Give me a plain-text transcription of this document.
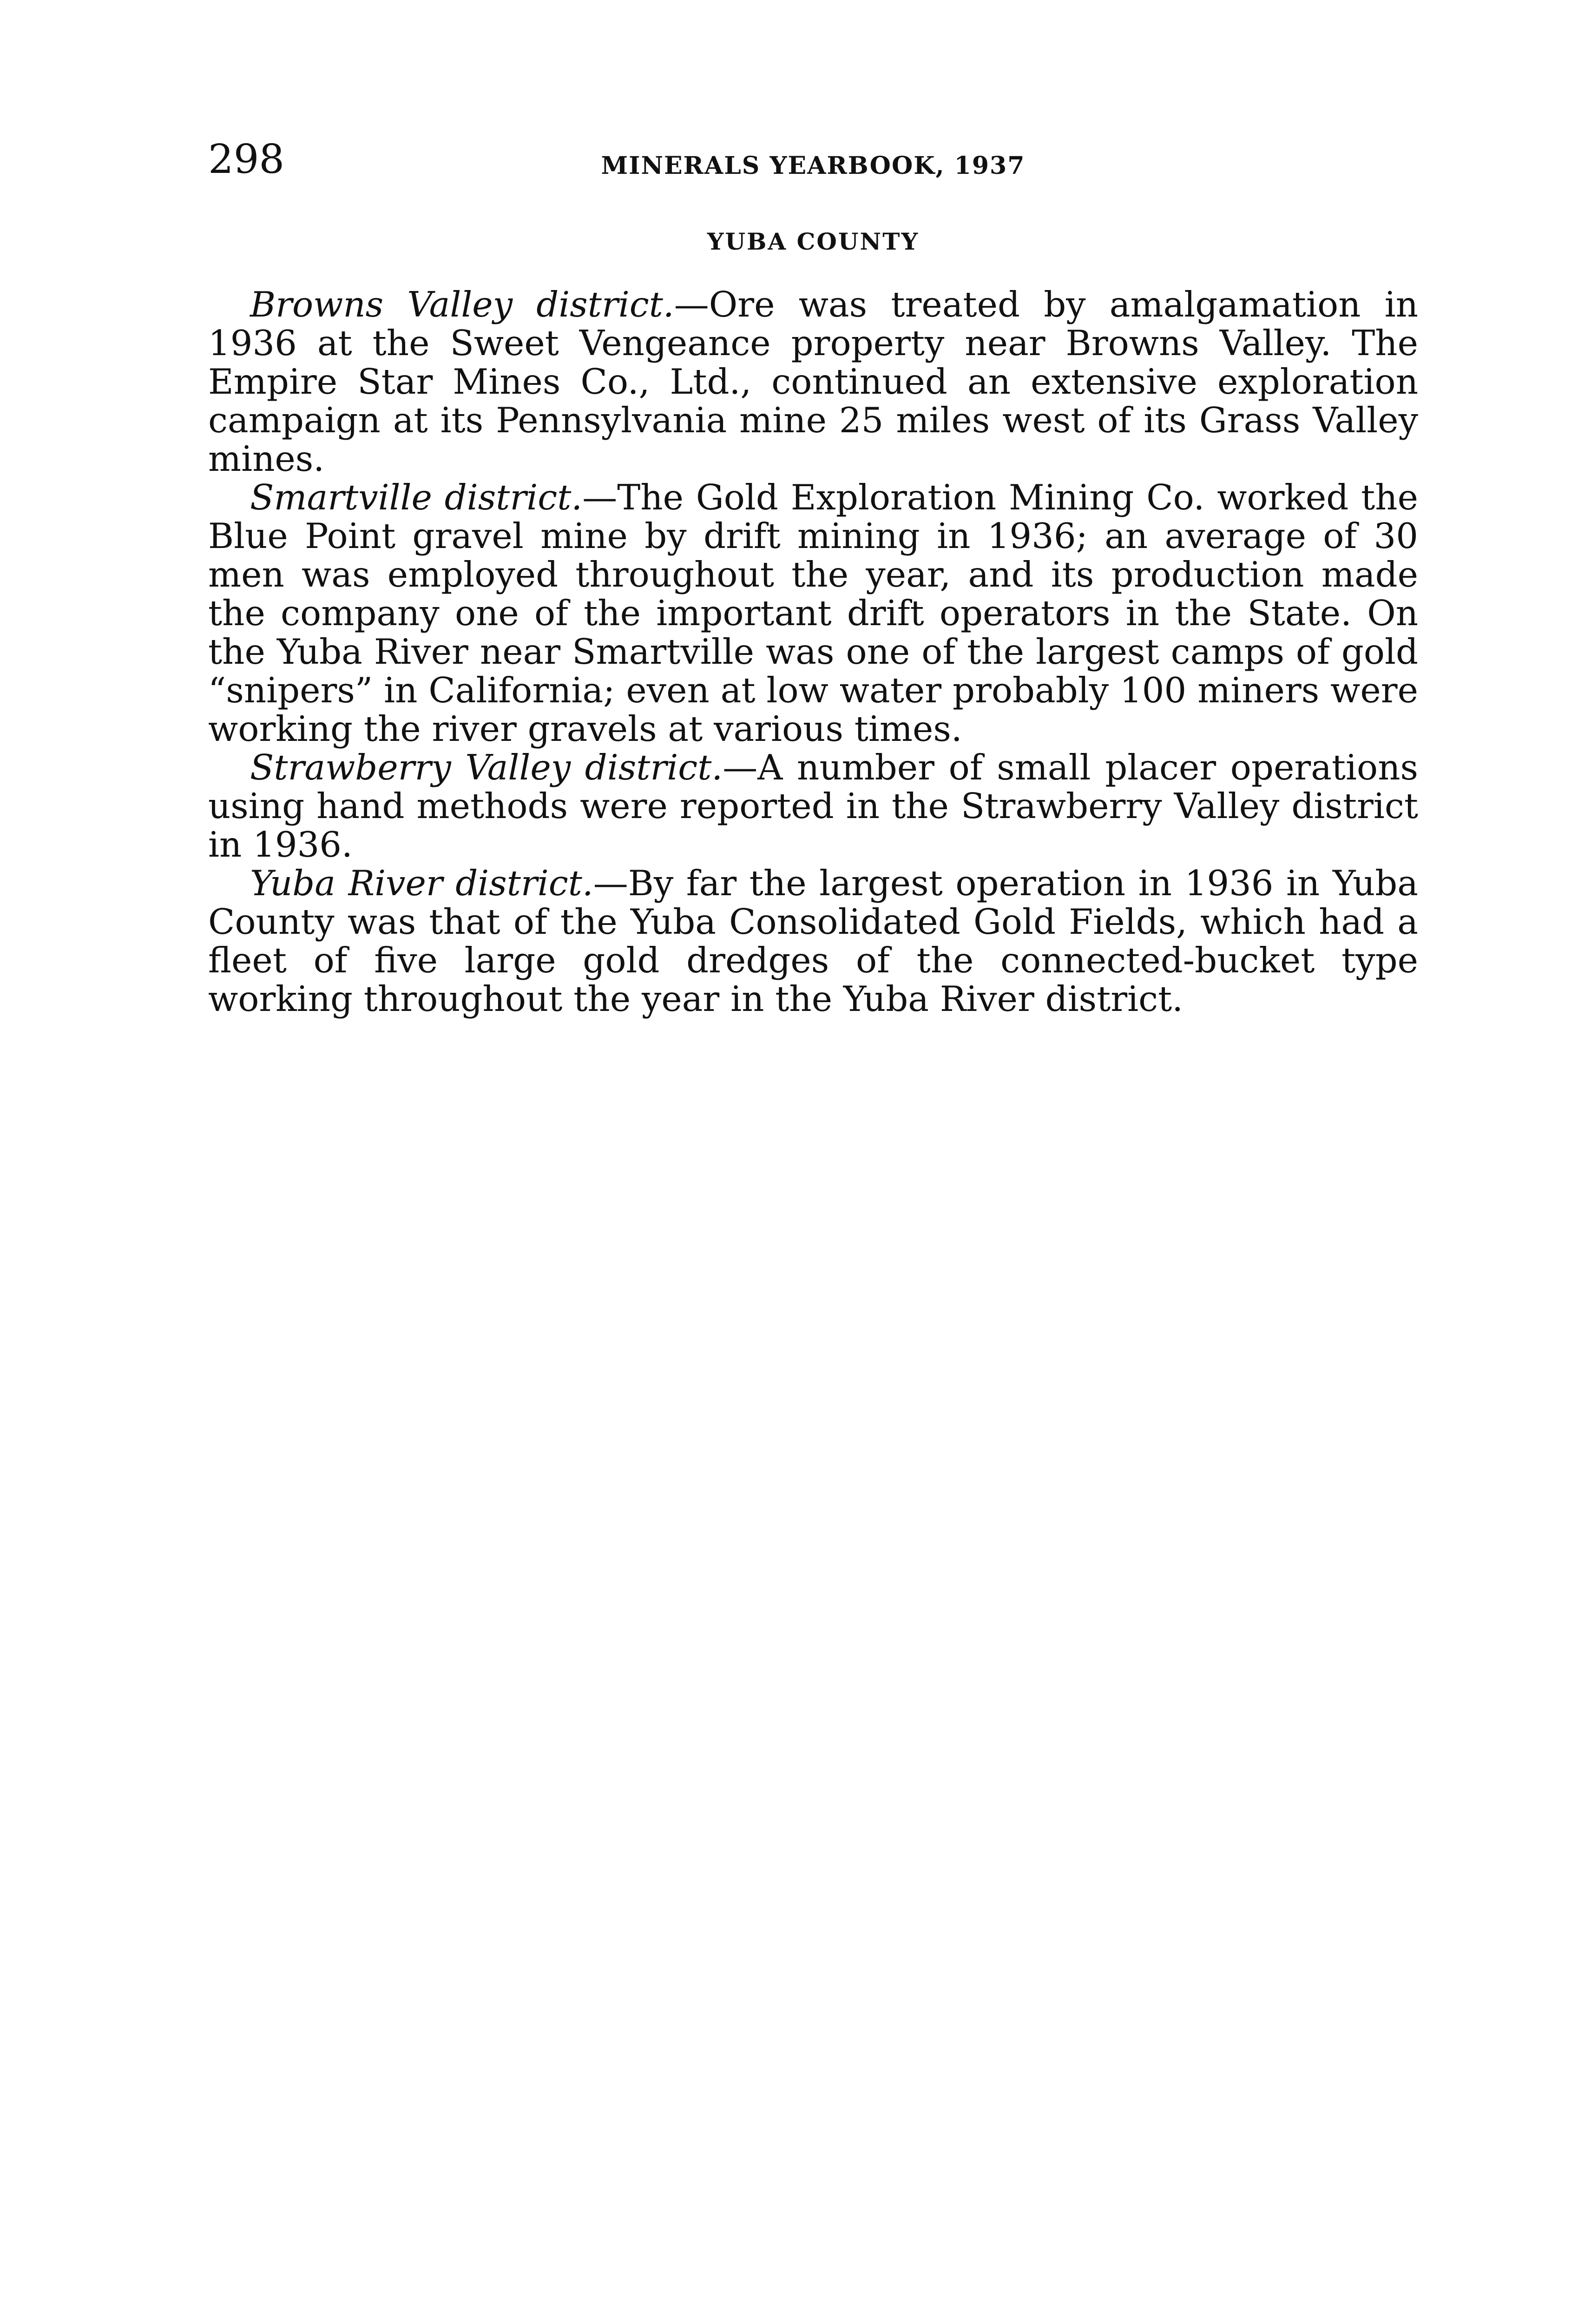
298	MINERALS YEARBOOK, 1937
YUBA COUNTY

Browns Valley district.—Ore was treated by amalgamation in 1936 at the Sweet Vengeance property near Browns Valley. The Empire Star Mines Co., Ltd., continued an extensive exploration campaign at its Pennsylvania mine 25 miles west of its Grass Valley mines.

Smartville district.—The Gold Exploration Mining Co. worked the Blue Point gravel mine by drift mining in 1936; an average of 30 men was employed throughout the year, and its production made the company one of the important drift operators in the State. On the Yuba River near Smartville was one of the largest camps of gold “snipers” in California; even at low water probably 100 miners were working the river gravels at various times.

Strawberry Valley district.—A number of small placer operations using hand methods were reported in the Strawberry Valley district in 1936.

Yuba River district.—By far the largest operation in 1936 in Yuba County was that of the Yuba Consolidated Gold Fields, which had a fleet of five large gold dredges of the connected-bucket type working throughout the year in the Yuba River district.
